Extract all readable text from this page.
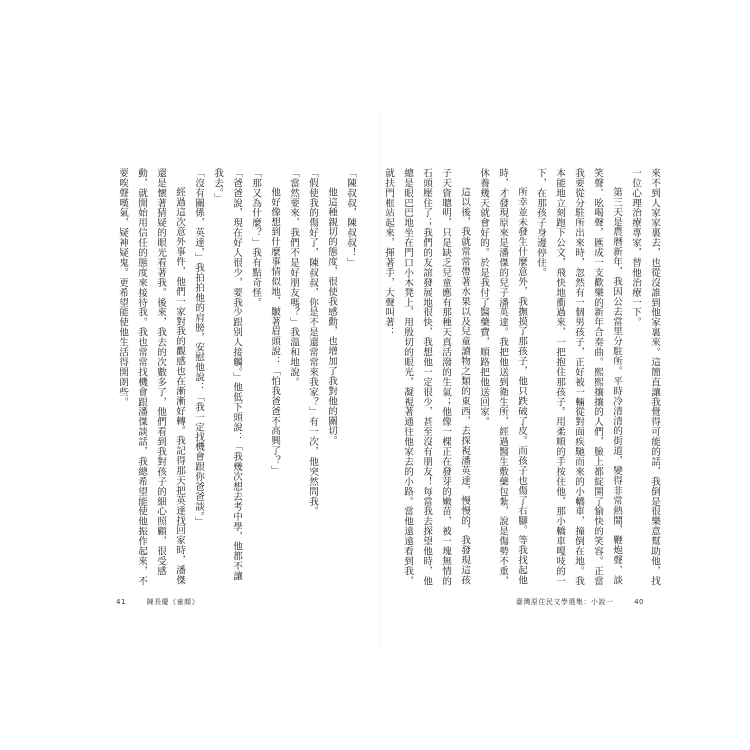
「陳叔叔，陳叔叔！」

他這種親切的態度，很使我感動，也增加了我對他的關切。

「假使我的傷好了，陳叔叔，你是不是還常常來我家？」有一次，他突然問我。

「當然要來，我們不是好朋友嗎？」我溫和地說。

他好像想到什麼事情似地，皺著眉頭說：「怕我爸爸不高興了？」

「那又為什麼？」我有點奇怪。

「爸爸說，現在好人很少，要我少跟別人接觸。」他低下頭說：「我幾次想去考中學，他都不讓我去。」

「沒有關係，英達，」我拍拍他的肩膀，安慰他說：「我一定找機會跟你爸爸談。」

經過這次意外事件，他們一家對我的觀感也在漸漸好轉。我記得那天把英達找回家時，潘傑還是懷著猜疑的眼光看著我。後來，我去的次數多了，他們看到我對孩子的細心照顧，很受感動，就開始用信任的態度來接待我。我也常常找機會跟潘傑談話，我總希望能使他振作起來，不要唉聲嘆氣，疑神疑鬼。更希望能使他生活得開朗些。	來不到人家家裏去，也從沒誰到他家裏來。這簡直讓我覺得可能的話，我倒是很樂意幫助他，找一位心理治療專家，替他治療一下。

第三天是農曆新年，我因公去當里分駐所。平時冷清清的街道，變得非常熱鬧，鞭炮聲、談笑聲、吆喝聲，匯成一支歡樂的新年合奏曲。熙熙攘攘的人們，臉上都綻開了愉快的笑容。正當我要從分駐所出來時，忽然有一個男孩子，正好被一輛從對面疾馳而來的小轎車，撞倒在地。我本能地立刻跑下公文，飛快地衝過來，一把抱住那孩子。用柔順的手按住他，那小轎車嘎吱的一下，在那孩子身邊停住。

所幸並未發生什麼意外，我撫摸了那孩子，他只跌破了皮。而孩子也傷了右腳。等我找起他時，才發現原來是潘傑的兒子潘英達。我把他送到衛生所，經過醫生敷藥包紮，說是傷勢不重，休養幾天就會好的。於是我付了醫藥費，順路把他送回家。

這以後，我就常常帶著水果以及兒童讀物之類的東西，去探視潘英達，慢慢的，我發現這孩子天資聰明，只是缺乏兒童應有那種天真活潑的生氣；他像一棵正在發芽的嫩苗，被一塊無情的石頭壓住了；我們的友誼發展地很快，我想他一定很少，甚至沒有朋友！每當我去探望他時，他總是眼巴巴地坐在門口小木凳上，用殷切的眼光，凝視著通往他家去的小路。當他遠遠看到我，就扶門框站起來，揮著手，大聲叫著：

41	陳長慶《童顏》	臺灣原住民文學選集：小說一	40
